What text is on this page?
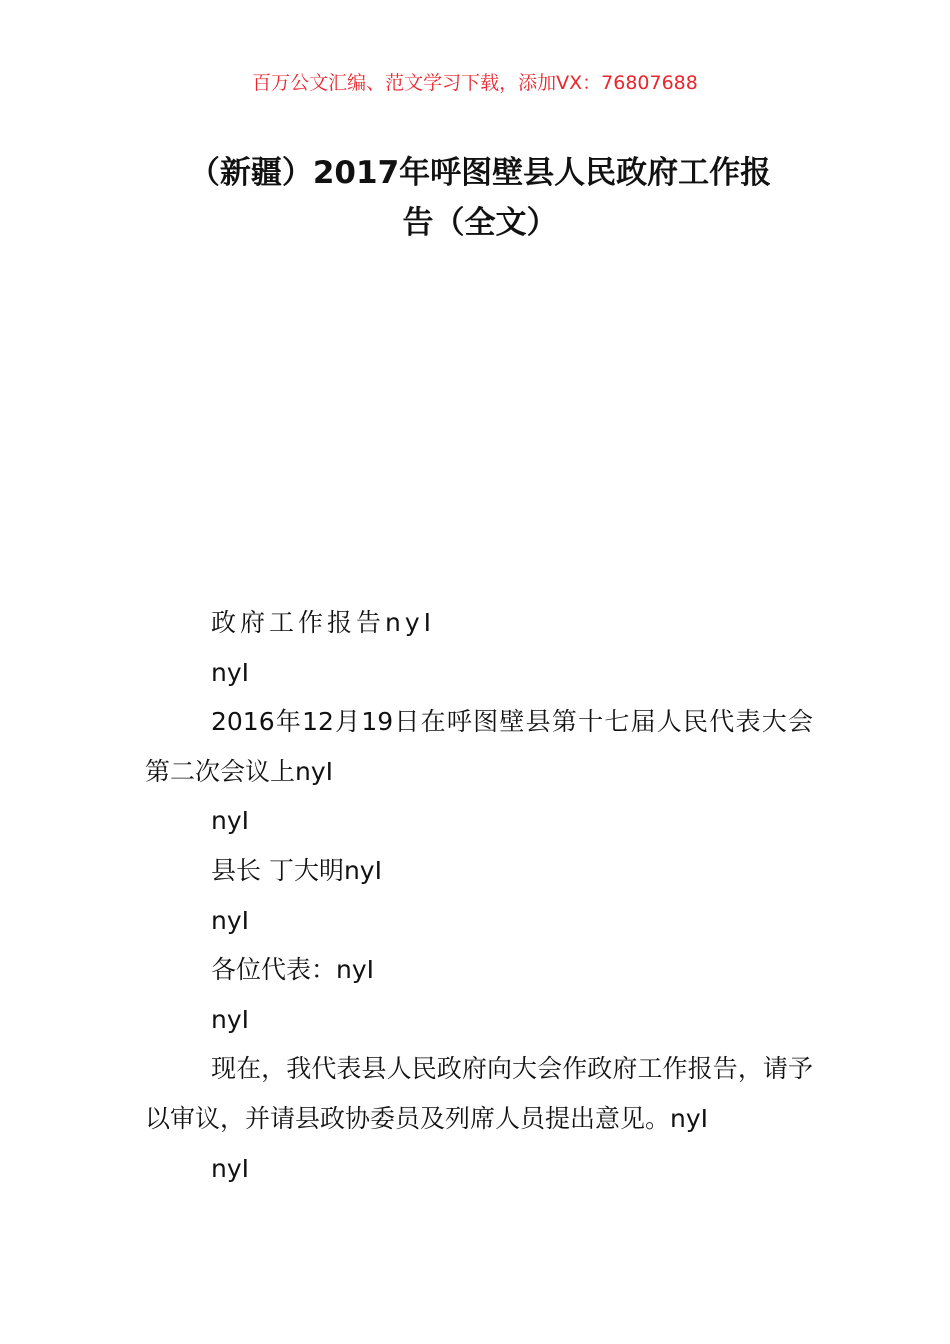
百万公文汇编、范文学习下载，添加VX：76807688
（新疆）2017年呼图壁县人民政府工作报
告（全文）

政府工作报告nyI

nyI

2016年12月19日在呼图壁县第十七届人民代表大会第二次会议上nyI

nyI

县长 丁大明nyI

nyI

各位代表：nyI

nyI

现在，我代表县人民政府向大会作政府工作报告，请予以审议，并请县政协委员及列席人员提出意见。nyI

nyI
